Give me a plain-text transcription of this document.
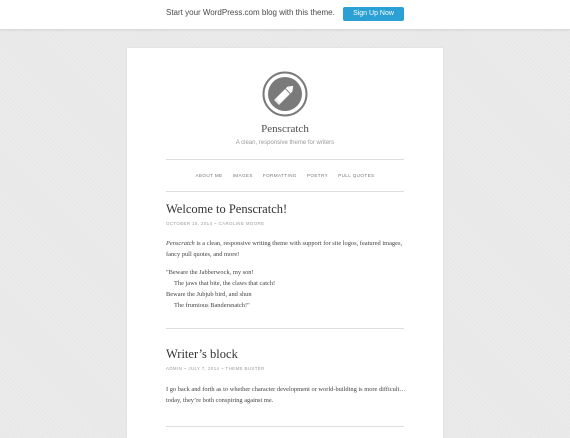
Start your WordPress.com blog with this theme.	Sign Up Now
Penscratch
A clean, responsive theme for writers
ABOUT ME IMAGES FORMATTING POETRY PULL QUOTES
Welcome to Penscratch!
OCTOBER 15, 2014 ~ CAROLINE MOORE

Penscratch is a clean, responsive writing theme with support for site logos, featured images, fancy pull quotes, and more!

"Beware the Jabberwock, my son!
The jaws that bite, the claws that catch!
Beware the Jubjub bird, and shun
The frumious Bandersnatch!"

Writer’s block
ADMIN ~ JULY 7, 2014 ~ THEME BUSTER
I go back and forth as to whether character development or world-building is more difficult…today, they’re both conspiring against me.
